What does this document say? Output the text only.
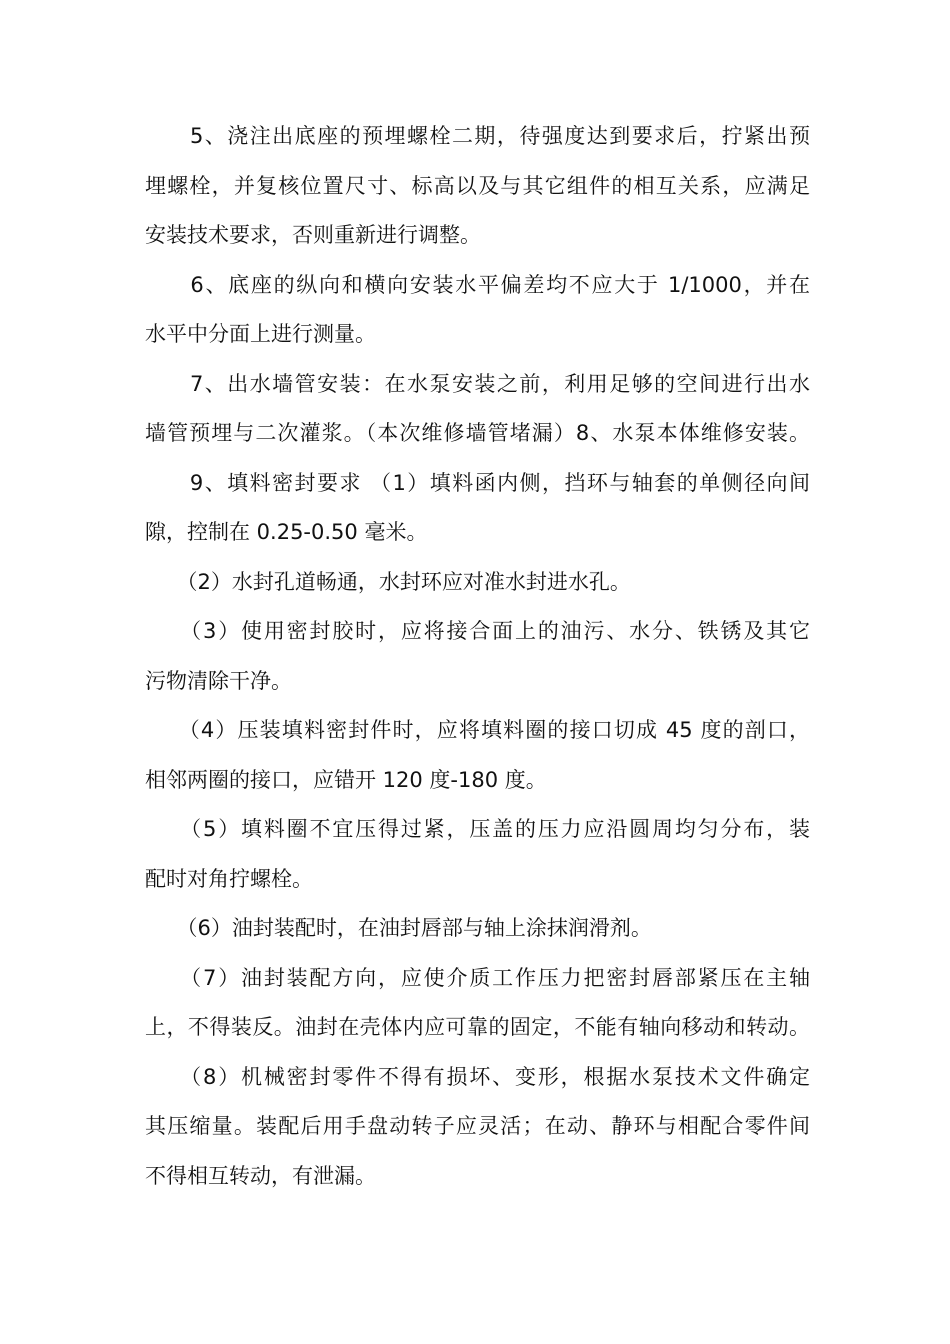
　　5、浇注出底座的预埋螺栓二期，待强度达到要求后，拧紧出预
埋螺栓，并复核位置尺寸、标高以及与其它组件的相互关系，应满足
安装技术要求，否则重新进行调整。

　　6、底座的纵向和横向安装水平偏差均不应大于 1/1000，并在
水平中分面上进行测量。

　　7、出水墙管安装：在水泵安装之前，利用足够的空间进行出水
墙管预埋与二次灌浆。（本次维修墙管堵漏）8、水泵本体维修安装。

　　9、填料密封要求 （1）填料函内侧，挡环与轴套的单侧径向间
隙，控制在 0.25-0.50 毫米。

　　（2）水封孔道畅通，水封环应对准水封进水孔。

　　（3）使用密封胶时，应将接合面上的油污、水分、铁锈及其它
污物清除干净。

　　（4）压装填料密封件时，应将填料圈的接口切成 45 度的剖口，
相邻两圈的接口，应错开 120 度-180 度。

　　（5）填料圈不宜压得过紧，压盖的压力应沿圆周均匀分布，装
配时对角拧螺栓。

　　（6）油封装配时，在油封唇部与轴上涂抹润滑剂。

　　（7）油封装配方向，应使介质工作压力把密封唇部紧压在主轴
上，不得装反。油封在壳体内应可靠的固定，不能有轴向移动和转动。

　　（8）机械密封零件不得有损坏、变形，根据水泵技术文件确定
其压缩量。装配后用手盘动转子应灵活；在动、静环与相配合零件间
不得相互转动，有泄漏。
